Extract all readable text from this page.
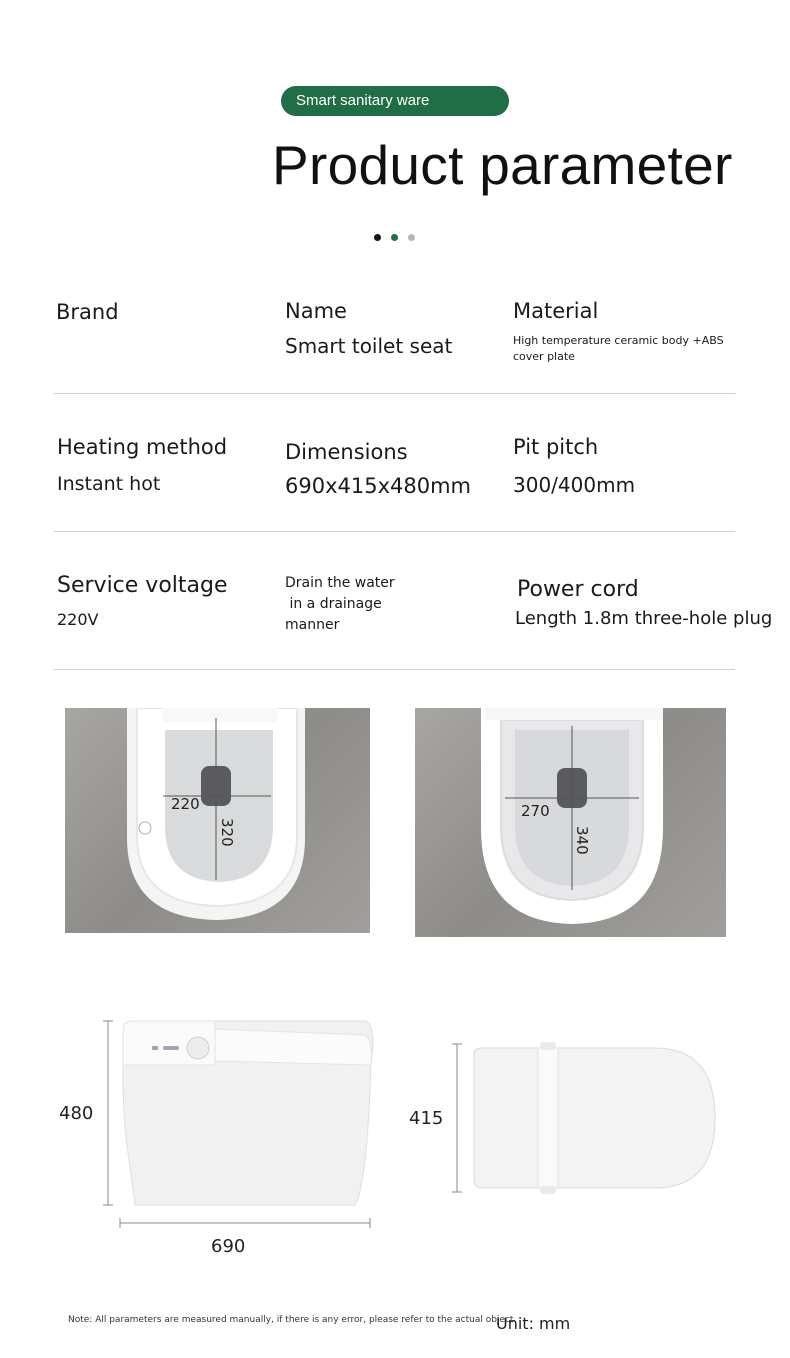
Smart sanitary ware
Product parameter
Brand	Name
Smart toilet seat
Material
High temperature ceramic body +ABS cover plate
Heating method
Instant hot
Dimensions
690x415x480mm
Pit pitch
300/400mm
Service voltage
220V
Drain the water
in a drainage
manner
Power cord
Length 1.8m three-hole plug
220
320
270
340
480
690
415
Note: All parameters are measured manually, if there is any error, please refer to the actual object.
Unit: mm
